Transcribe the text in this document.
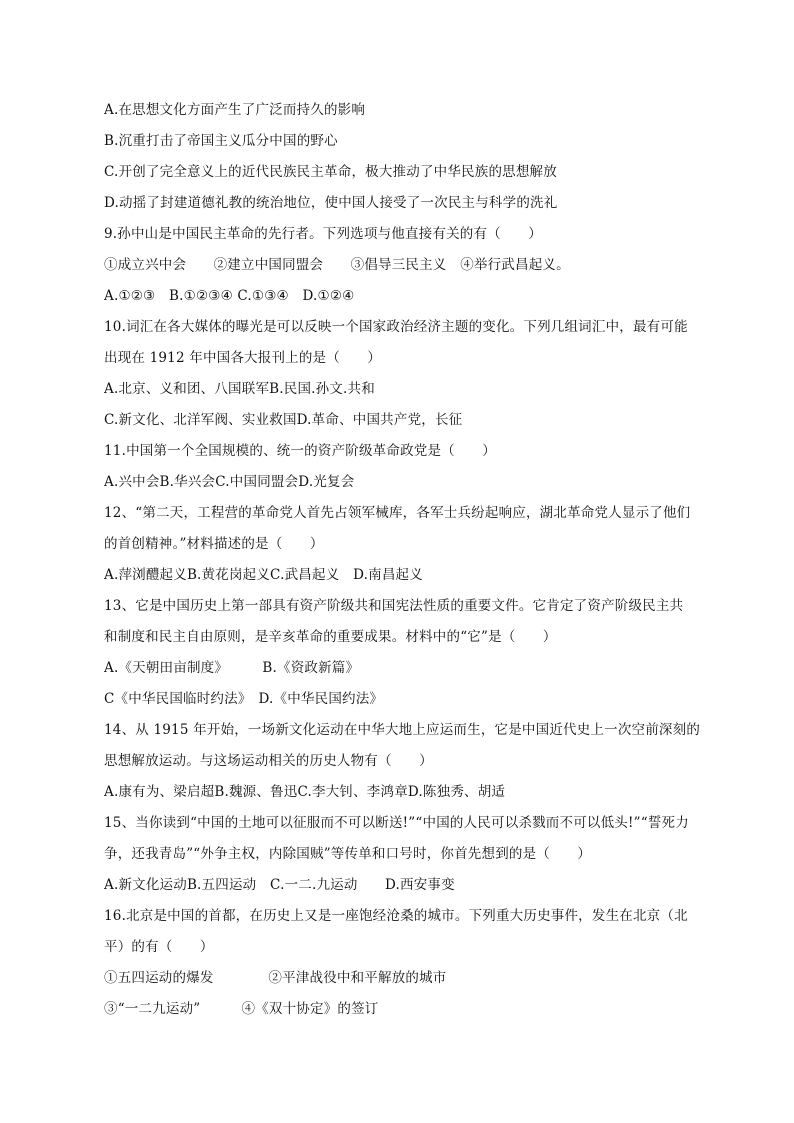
A.在思想文化方面产生了广泛而持久的影响
B.沉重打击了帝国主义瓜分中国的野心
C.开创了完全意义上的近代民族民主革命，极大推动了中华民族的思想解放
D.动摇了封建道德礼教的统治地位，使中国人接受了一次民主与科学的洗礼
9.孙中山是中国民主革命的先行者。下列选项与他直接有关的有（　　）
①成立兴中会　　②建立中国同盟会　　③倡导三民主义　④举行武昌起义。
A.①②③　B.①②③④ C.①③④　D.①②④
10.词汇在各大媒体的曝光是可以反映一个国家政治经济主题的变化。下列几组词汇中，最有可能
出现在 1912 年中国各大报刊上的是（　　）
A.北京、义和团、八国联军B.民国.孙文.共和
C.新文化、北洋军阀、实业救国D.革命、中国共产党，长征
11.中国第一个全国规模的、统一的资产阶级革命政党是（　　）
A.兴中会B.华兴会C.中国同盟会D.光复会
12、“第二天，工程营的革命党人首先占领军械库，各军士兵纷起响应，湖北革命党人显示了他们
的首创精神。”材料描述的是（　　）
A.萍浏醴起义B.黄花岗起义C.武昌起义　D.南昌起义
13、它是中国历史上第一部具有资产阶级共和国宪法性质的重要文件。它肯定了资产阶级民主共
和制度和民主自由原则，是辛亥革命的重要成果。材料中的“它”是（　　）
A.《天朝田亩制度》　　　B.《资政新篇》
C《中华民国临时约法》　D.《中华民国约法》
14、从 1915 年开始，一场新文化运动在中华大地上应运而生，它是中国近代史上一次空前深刻的
思想解放运动。与这场运动相关的历史人物有（　　）
A.康有为、梁启超B.魏源、鲁迅C.李大钊、李鸿章D.陈独秀、胡适
15、当你读到“中国的土地可以征服而不可以断送!”“中国的人民可以杀戮而不可以低头!”“誓死力
争，还我青岛”“外争主权，内除国贼”等传单和口号时，你首先想到的是（　　）
A.新文化运动B.五四运动　C.一二.九运动　　D.西安事变
16.北京是中国的首都，在历史上又是一座饱经沧桑的城市。下列重大历史事件，发生在北京（北
平）的有（　　）
①五四运动的爆发　　　　②平津战役中和平解放的城市
③“一二九运动”　　　④《双十协定》的签订
